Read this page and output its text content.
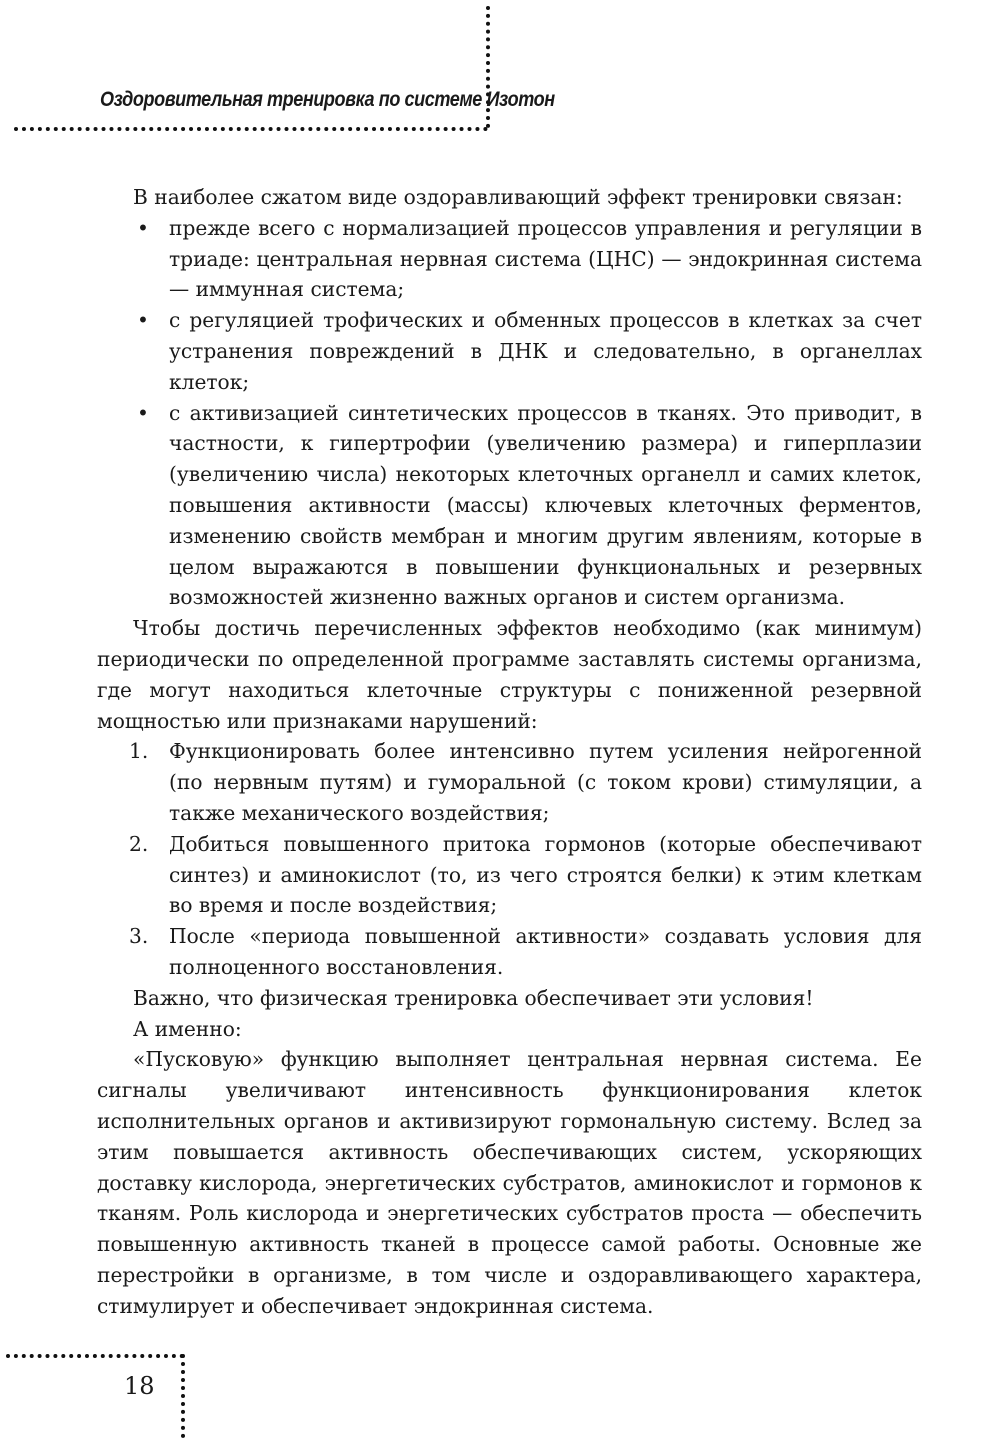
Оздоровительная тренировка по системе Изотон

В наиболее сжатом виде оздоравливающий эффект тренировки связан:

• прежде всего с нормализацией процессов управления и регуляции в триаде: центральная нервная система (ЦНС) — эндокринная система — иммунная система;
• с регуляцией трофических и обменных процессов в клетках за счет устранения повреждений в ДНК и следовательно, в органеллах клеток;
• с активизацией синтетических процессов в тканях. Это приводит, в частности, к гипертрофии (увеличению размера) и гиперплазии (увеличению числа) некоторых клеточных органелл и самих клеток, повышения активности (массы) ключевых клеточных ферментов, изменению свойств мембран и многим другим явлениям, которые в целом выражаются в повышении функциональных и резервных возможностей жизненно важных органов и систем организма.

Чтобы достичь перечисленных эффектов необходимо (как минимум) периодически по определенной программе заставлять системы организма, где могут находиться клеточные структуры с пониженной резервной мощностью или признаками нарушений:

1. Функционировать более интенсивно путем усиления нейрогенной (по нервным путям) и гуморальной (с током крови) стимуляции, а также механического воздействия;
2. Добиться повышенного притока гормонов (которые обеспечивают синтез) и аминокислот (то, из чего строятся белки) к этим клеткам во время и после воздействия;
3. После «периода повышенной активности» создавать условия для полноценного восстановления.

Важно, что физическая тренировка обеспечивает эти условия!

А именно:

«Пусковую» функцию выполняет центральная нервная система. Ее сигналы увеличивают интенсивность функционирования клеток исполнительных органов и активизируют гормональную систему. Вслед за этим повышается активность обеспечивающих систем, ускоряющих доставку кислорода, энергетических субстратов, аминокислот и гормонов к тканям. Роль кислорода и энергетических субстратов проста — обеспечить повышенную активность тканей в процессе самой работы. Основные же перестройки в организме, в том числе и оздоравливающего характера, стимулирует и обеспечивает эндокринная система.

18
